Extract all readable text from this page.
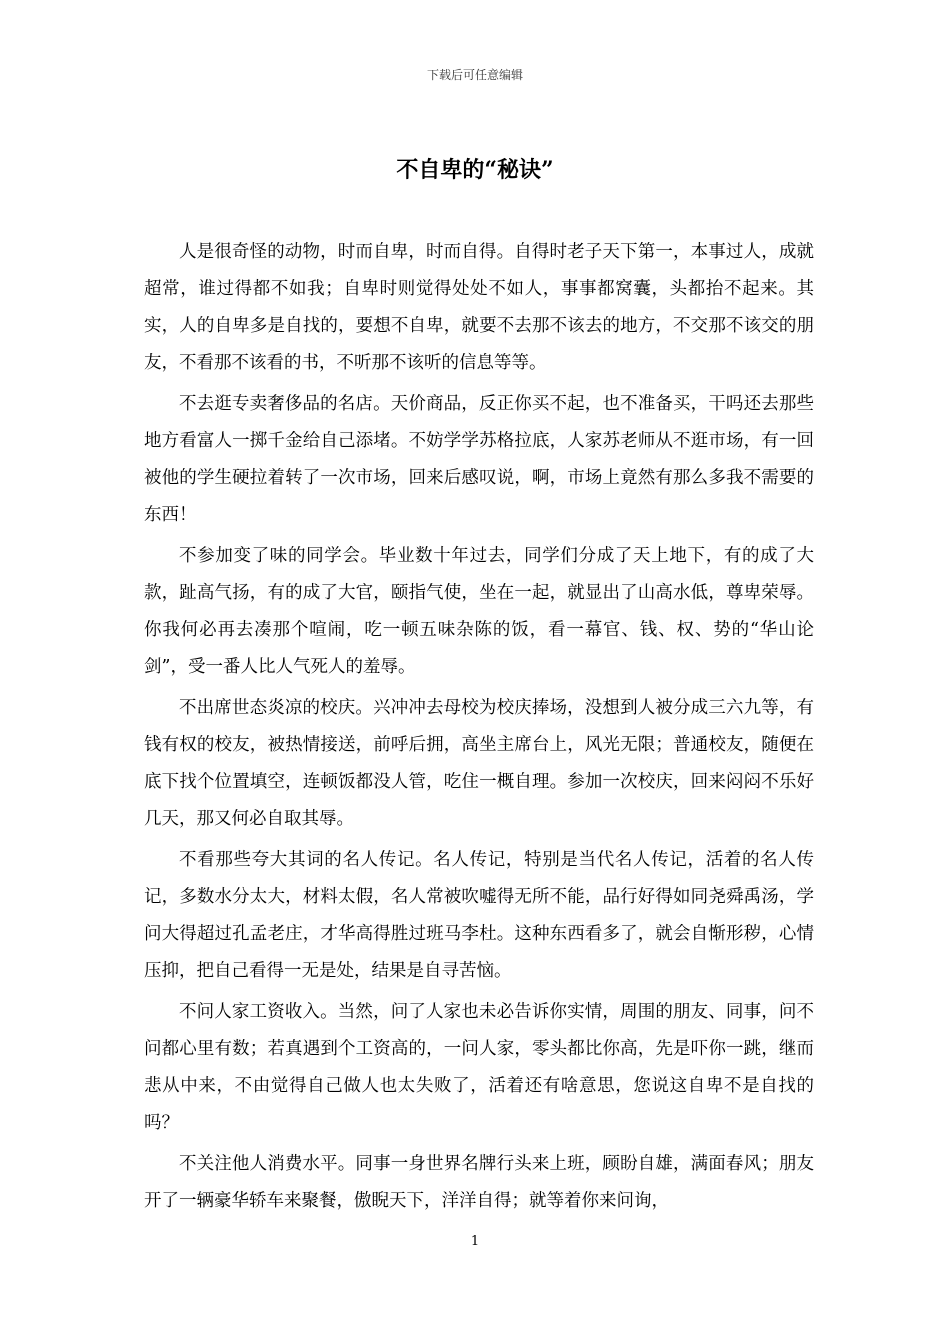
下载后可任意编辑
不自卑的“秘诀”

人是很奇怪的动物，时而自卑，时而自得。自得时老子天下第一，本事过人，成就超常，谁过得都不如我；自卑时则觉得处处不如人，事事都窝囊，头都抬不起来。其实，人的自卑多是自找的，要想不自卑，就要不去那不该去的地方，不交那不该交的朋友，不看那不该看的书，不听那不该听的信息等等。

不去逛专卖奢侈品的名店。天价商品，反正你买不起，也不准备买，干吗还去那些地方看富人一掷千金给自己添堵。不妨学学苏格拉底，人家苏老师从不逛市场，有一回被他的学生硬拉着转了一次市场，回来后感叹说，啊，市场上竟然有那么多我不需要的东西！

不参加变了味的同学会。毕业数十年过去，同学们分成了天上地下，有的成了大款，趾高气扬，有的成了大官，颐指气使，坐在一起，就显出了山高水低，尊卑荣辱。你我何必再去凑那个喧闹，吃一顿五味杂陈的饭，看一幕官、钱、权、势的“华山论剑”，受一番人比人气死人的羞辱。

不出席世态炎凉的校庆。兴冲冲去母校为校庆捧场，没想到人被分成三六九等，有钱有权的校友，被热情接送，前呼后拥，高坐主席台上，风光无限；普通校友，随便在底下找个位置填空，连顿饭都没人管，吃住一概自理。参加一次校庆，回来闷闷不乐好几天，那又何必自取其辱。

不看那些夸大其词的名人传记。名人传记，特别是当代名人传记，活着的名人传记，多数水分太大，材料太假，名人常被吹嘘得无所不能，品行好得如同尧舜禹汤，学问大得超过孔孟老庄，才华高得胜过班马李杜。这种东西看多了，就会自惭形秽，心情压抑，把自己看得一无是处，结果是自寻苦恼。

不问人家工资收入。当然，问了人家也未必告诉你实情，周围的朋友、同事，问不问都心里有数；若真遇到个工资高的，一问人家，零头都比你高，先是吓你一跳，继而悲从中来，不由觉得自己做人也太失败了，活着还有啥意思，您说这自卑不是自找的吗？

不关注他人消费水平。同事一身世界名牌行头来上班，顾盼自雄，满面春风；朋友开了一辆豪华轿车来聚餐，傲睨天下，洋洋自得；就等着你来问询，

1
